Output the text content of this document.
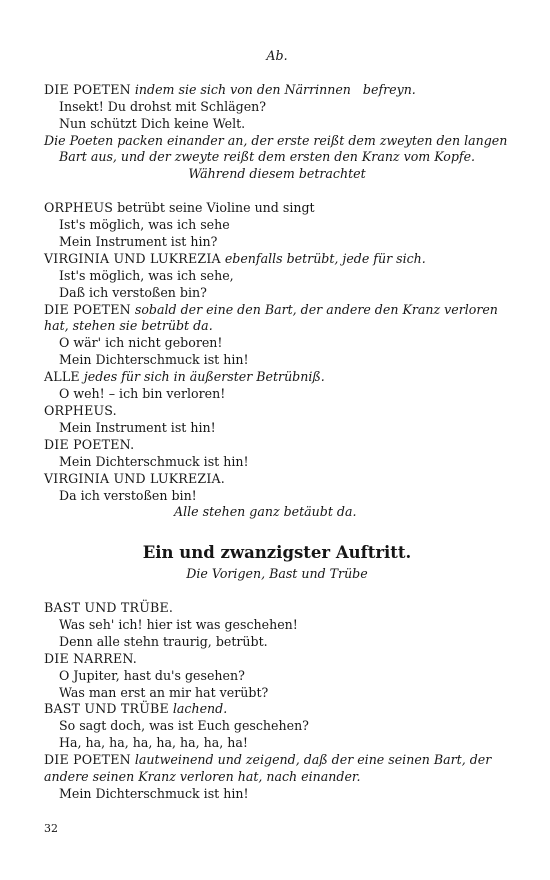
Ab.

DIE POETEN indem sie sich von den Närrinnen   befreyn.

Insekt! Du drohst mit Schlägen?

Nun schützt Dich keine Welt.

Die Poeten packen einander an, der erste reißt dem zweyten den langen

Bart aus, und der zweyte reißt dem ersten den Kranz vom Kopfe.

Während diesem betrachtet

ORPHEUS betrübt seine Violine und singt

Ist's möglich, was ich sehe

Mein Instrument ist hin?

VIRGINIA UND LUKREZIA ebenfalls betrübt, jede für sich.

Ist's möglich, was ich sehe,

Daß ich verstoßen bin?

DIE POETEN sobald der eine den Bart, der andere den Kranz verloren

hat, stehen sie betrübt da.

O wär' ich nicht geboren!

Mein Dichterschmuck ist hin!

ALLE jedes für sich in äußerster Betrübniß.

O weh! – ich bin verloren!

ORPHEUS.

Mein Instrument ist hin!

DIE POETEN.

Mein Dichterschmuck ist hin!

VIRGINIA UND LUKREZIA.

Da ich verstoßen bin!

Alle stehen ganz betäubt da.

Ein und zwanzigster Auftritt.

Die Vorigen, Bast und Trübe

BAST UND TRÜBE.

Was seh' ich! hier ist was geschehen!

Denn alle stehn traurig, betrübt.

DIE NARREN.

O Jupiter, hast du's gesehen?

Was man erst an mir hat verübt?

BAST UND TRÜBE lachend.

So sagt doch, was ist Euch geschehen?

Ha, ha, ha, ha, ha, ha, ha, ha!

DIE POETEN lautweinend und zeigend, daß der eine seinen Bart, der

andere seinen Kranz verloren hat, nach einander.

Mein Dichterschmuck ist hin!

32
